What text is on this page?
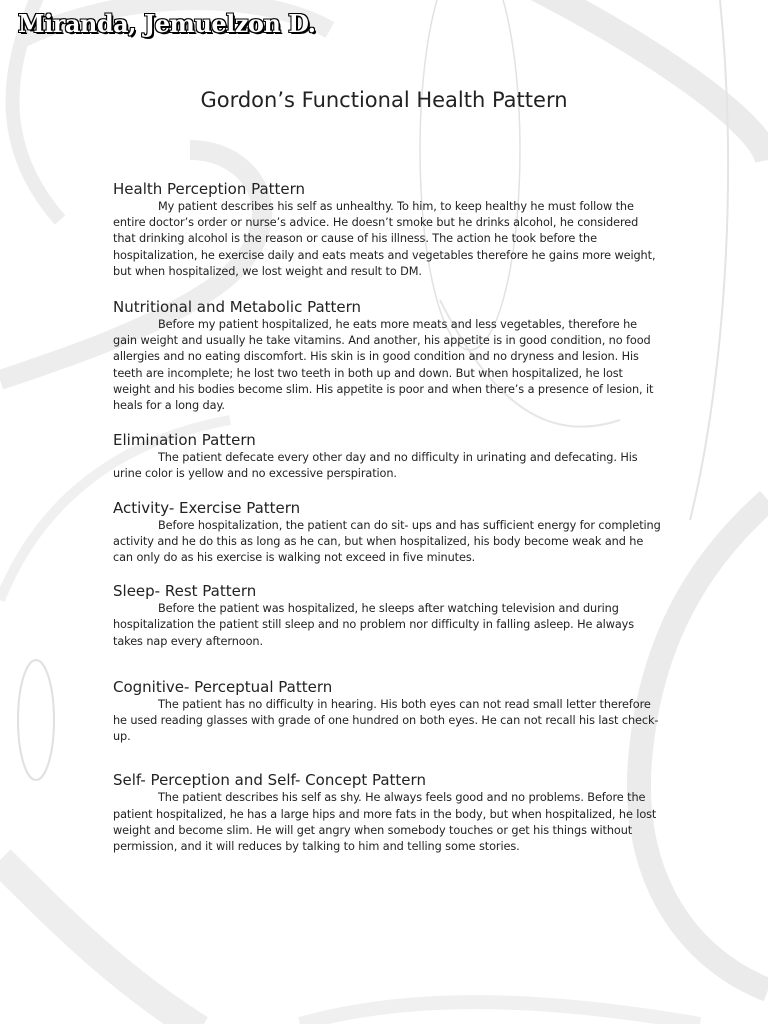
Miranda, Jemuelzon D.
Gordon’s Functional Health Pattern
Health Perception Pattern

My patient describes his self as unhealthy. To him, to keep healthy he must follow the entire doctor’s order or nurse’s advice. He doesn’t smoke but he drinks alcohol, he considered that drinking alcohol is the reason or cause of his illness. The action he took before the hospitalization, he exercise daily and eats meats and vegetables therefore he gains more weight, but when hospitalized, we lost weight and result to DM.

Nutritional and Metabolic Pattern

Before my patient hospitalized, he eats more meats and less vegetables, therefore he gain weight and usually he take vitamins. And another, his appetite is in good condition, no food allergies and no eating discomfort. His skin is in good condition and no dryness and lesion. His teeth are incomplete; he lost two teeth in both up and down. But when hospitalized, he lost weight and his bodies become slim. His appetite is poor and when there’s a presence of lesion, it heals for a long day.

Elimination Pattern

The patient defecate every other day and no difficulty in urinating and defecating. His urine color is yellow and no excessive perspiration.

Activity- Exercise Pattern

Before hospitalization, the patient can do sit- ups and has sufficient energy for completing activity and he do this as long as he can, but when hospitalized, his body become weak and he can only do as his exercise is walking not exceed in five minutes.

Sleep- Rest Pattern

Before the patient was hospitalized, he sleeps after watching television and during hospitalization the patient still sleep and no problem nor difficulty in falling asleep. He always takes nap every afternoon.

Cognitive- Perceptual Pattern

The patient has no difficulty in hearing. His both eyes can not read small letter therefore he used reading glasses with grade of one hundred on both eyes. He can not recall his last check- up.

Self- Perception and Self- Concept Pattern

The patient describes his self as shy. He always feels good and no problems. Before the patient hospitalized, he has a large hips and more fats in the body, but when hospitalized, he lost weight and become slim. He will get angry when somebody touches or get his things without permission, and it will reduces by talking to him and telling some stories.
